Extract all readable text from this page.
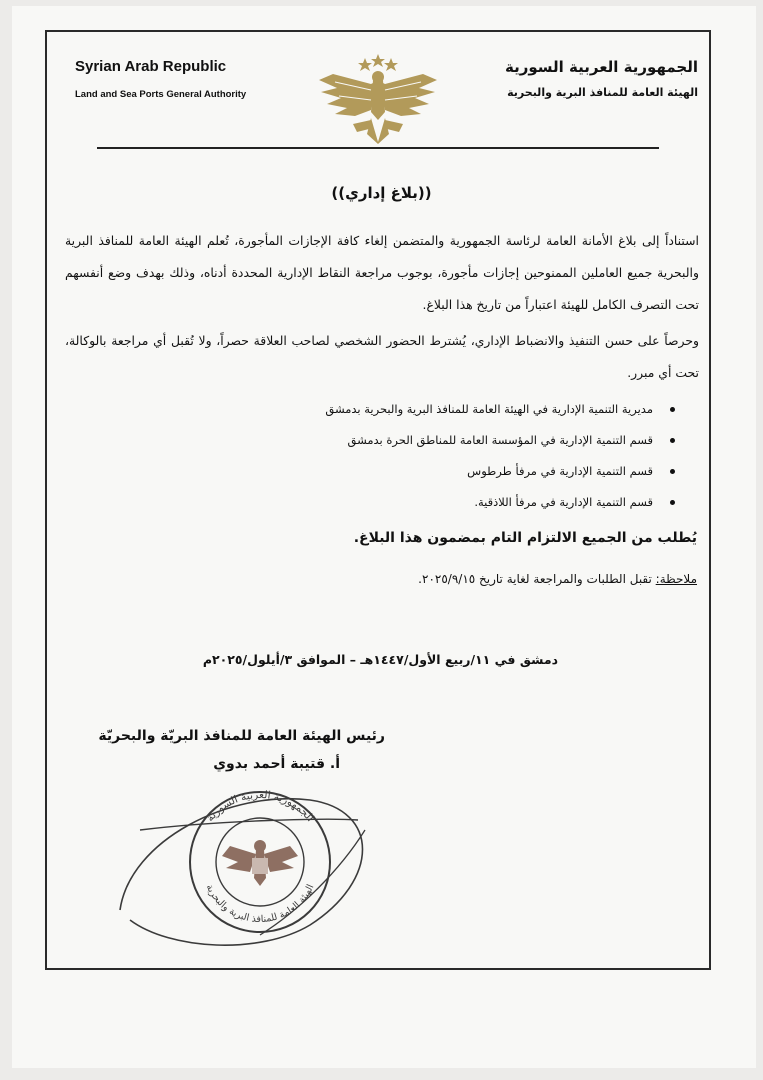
Syrian Arab Republic
Land and Sea Ports General Authority
الجمهورية العربية السورية
الهيئة العامة للمنافذ البرية والبحرية
((بلاغ إداري))
استناداً إلى بلاغ الأمانة العامة لرئاسة الجمهورية والمتضمن إلغاء كافة الإجازات المأجورة، تُعلم الهيئة العامة للمنافذ البرية والبحرية جميع العاملين الممنوحين إجازات مأجورة، بوجوب مراجعة النقاط الإدارية المحددة أدناه، وذلك بهدف وضع أنفسهم تحت التصرف الكامل للهيئة اعتباراً من تاريخ هذا البلاغ.
وحرصاً على حسن التنفيذ والانضباط الإداري، يُشترط الحضور الشخصي لصاحب العلاقة حصراً، ولا تُقبل أي مراجعة بالوكالة، تحت أي مبرر.
مديرية التنمية الإدارية في الهيئة العامة للمنافذ البرية والبحرية بدمشق
قسم التنمية الإدارية في المؤسسة العامة للمناطق الحرة بدمشق
قسم التنمية الإدارية في مرفأ طرطوس
قسم التنمية الإدارية في مرفأ اللاذقية.
يُطلب من الجميع الالتزام التام بمضمون هذا البلاغ.
ملاحظة: تقبل الطلبات والمراجعة لغاية تاريخ ٢٠٢٥/٩/١٥.
دمشق في ١١/ربيع الأول/١٤٤٧هـ – الموافق ٣/أيلول/٢٠٢٥م
رئيس الهيئة العامة للمنافذ البريّة والبحريّة
أ. قتيبة أحمد بدوي
الجمهورية العربية السورية
الهيئة العامة للمنافذ البرية والبحرية
